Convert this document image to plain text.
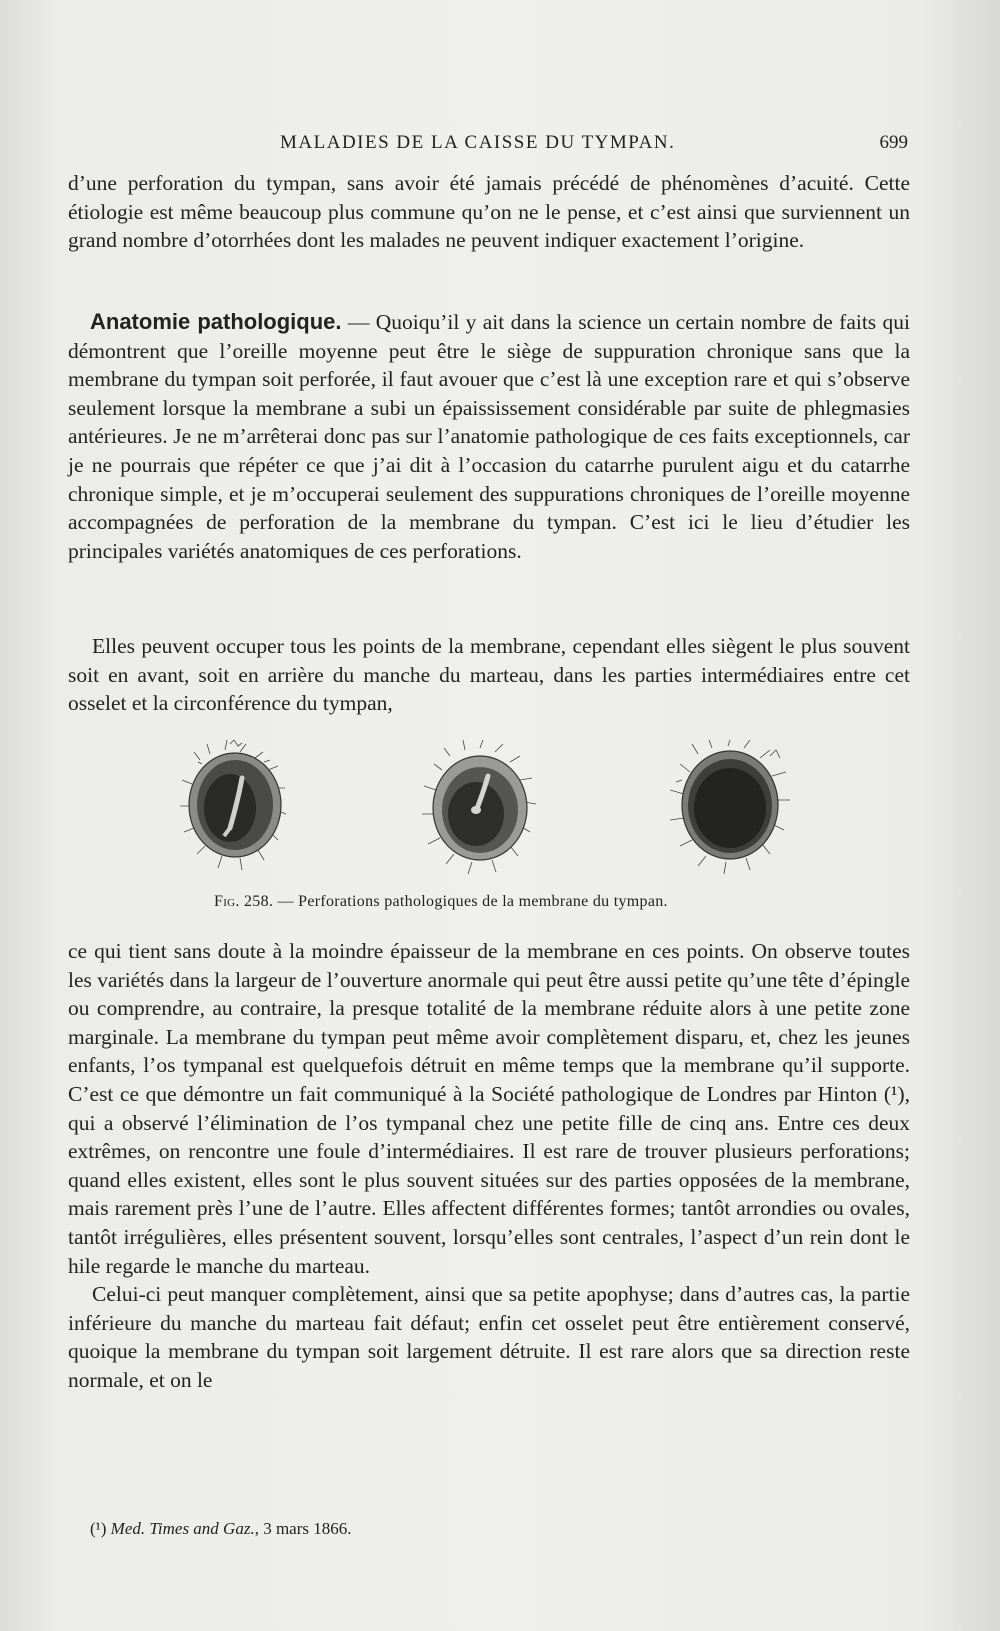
MALADIES DE LA CAISSE DU TYMPAN.	699

d’une perforation du tympan, sans avoir été jamais précédé de phénomènes d’acuité. Cette étiologie est même beaucoup plus commune qu’on ne le pense, et c’est ainsi que surviennent un grand nombre d’otorrhées dont les malades ne peuvent indiquer exactement l’origine.

Anatomie pathologique. — Quoiqu’il y ait dans la science un certain nombre de faits qui démontrent que l’oreille moyenne peut être le siège de suppuration chronique sans que la membrane du tympan soit perforée, il faut avouer que c’est là une exception rare et qui s’observe seulement lorsque la membrane a subi un épaississement considérable par suite de phlegmasies antérieures. Je ne m’arrêterai donc pas sur l’anatomie pathologique de ces faits exceptionnels, car je ne pourrais que répéter ce que j’ai dit à l’occasion du catarrhe purulent aigu et du catarrhe chronique simple, et je m’occuperai seulement des suppurations chroniques de l’oreille moyenne accompagnées de perforation de la membrane du tympan. C’est ici le lieu d’étudier les principales variétés anatomiques de ces perforations.

Elles peuvent occuper tous les points de la membrane, cependant elles siègent le plus souvent soit en avant, soit en arrière du manche du marteau, dans les parties intermédiaires entre cet osselet et la circonférence du tympan,

Fig. 258. — Perforations pathologiques de la membrane du tympan.

ce qui tient sans doute à la moindre épaisseur de la membrane en ces points. On observe toutes les variétés dans la largeur de l’ouverture anormale qui peut être aussi petite qu’une tête d’épingle ou comprendre, au contraire, la presque totalité de la membrane réduite alors à une petite zone marginale. La membrane du tympan peut même avoir complètement disparu, et, chez les jeunes enfants, l’os tympanal est quelquefois détruit en même temps que la membrane qu’il supporte. C’est ce que démontre un fait communiqué à la Société pathologique de Londres par Hinton (¹), qui a observé l’élimination de l’os tympanal chez une petite fille de cinq ans. Entre ces deux extrêmes, on rencontre une foule d’intermédiaires. Il est rare de trouver plusieurs perforations; quand elles existent, elles sont le plus souvent situées sur des parties opposées de la membrane, mais rarement près l’une de l’autre. Elles affectent différentes formes; tantôt arrondies ou ovales, tantôt irrégulières, elles présentent souvent, lorsqu’elles sont centrales, l’aspect d’un rein dont le hile regarde le manche du marteau.

Celui-ci peut manquer complètement, ainsi que sa petite apophyse; dans d’autres cas, la partie inférieure du manche du marteau fait défaut; enfin cet osselet peut être entièrement conservé, quoique la membrane du tympan soit largement détruite. Il est rare alors que sa direction reste normale, et on le

(¹) Med. Times and Gaz., 3 mars 1866.
